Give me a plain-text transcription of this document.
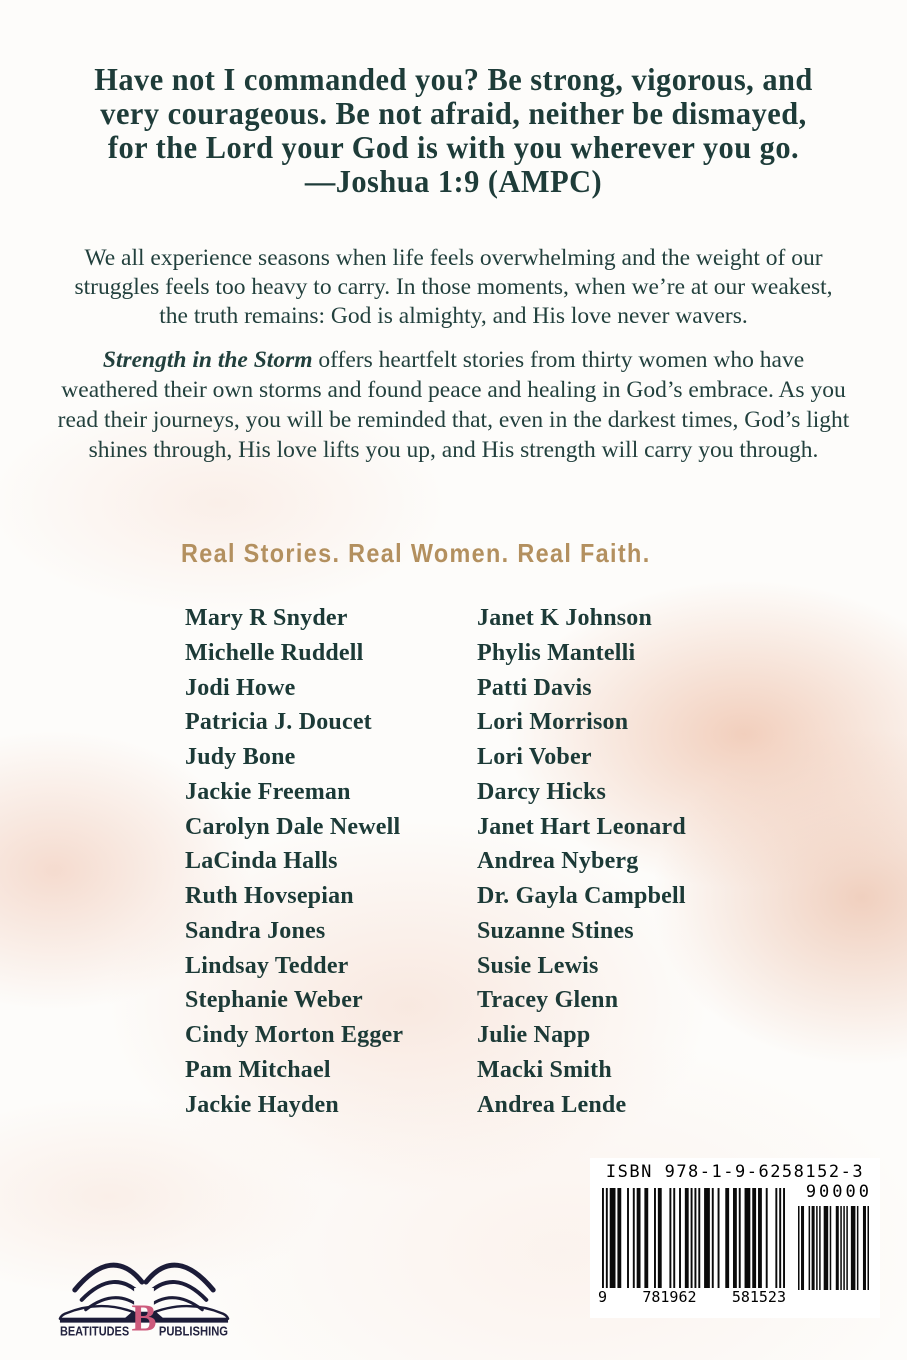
Have not I commanded you? Be strong, vigorous, and
very courageous. Be not afraid, neither be dismayed,
for the Lord your God is with you wherever you go.
—Joshua 1:9 (AMPC)
We all experience seasons when life feels overwhelming and the weight of our struggles feels too heavy to carry. In those moments, when we’re at our weakest, the truth remains: God is almighty, and His love never wavers.
Strength in the Storm offers heartfelt stories from thirty women who have weathered their own storms and found peace and healing in God’s embrace. As you read their journeys, you will be reminded that, even in the darkest times, God’s light shines through, His love lifts you up, and His strength will carry you through.
Real Stories. Real Women. Real Faith.
Mary R Snyder
Michelle Ruddell
Jodi Howe
Patricia J. Doucet
Judy Bone
Jackie Freeman
Carolyn Dale Newell
LaCinda Halls
Ruth Hovsepian
Sandra Jones
Lindsay Tedder
Stephanie Weber
Cindy Morton Egger
Pam Mitchael
Jackie Hayden
Janet K Johnson
Phylis Mantelli
Patti Davis
Lori Morrison
Lori Vober
Darcy Hicks
Janet Hart Leonard
Andrea Nyberg
Dr. Gayla Campbell
Suzanne Stines
Susie Lewis
Tracey Glenn
Julie Napp
Macki Smith
Andrea Lende
ISBN 978-1-9-6258152-3
90000
9 781962 581523
B
BEATITUDES PUBLISHING
